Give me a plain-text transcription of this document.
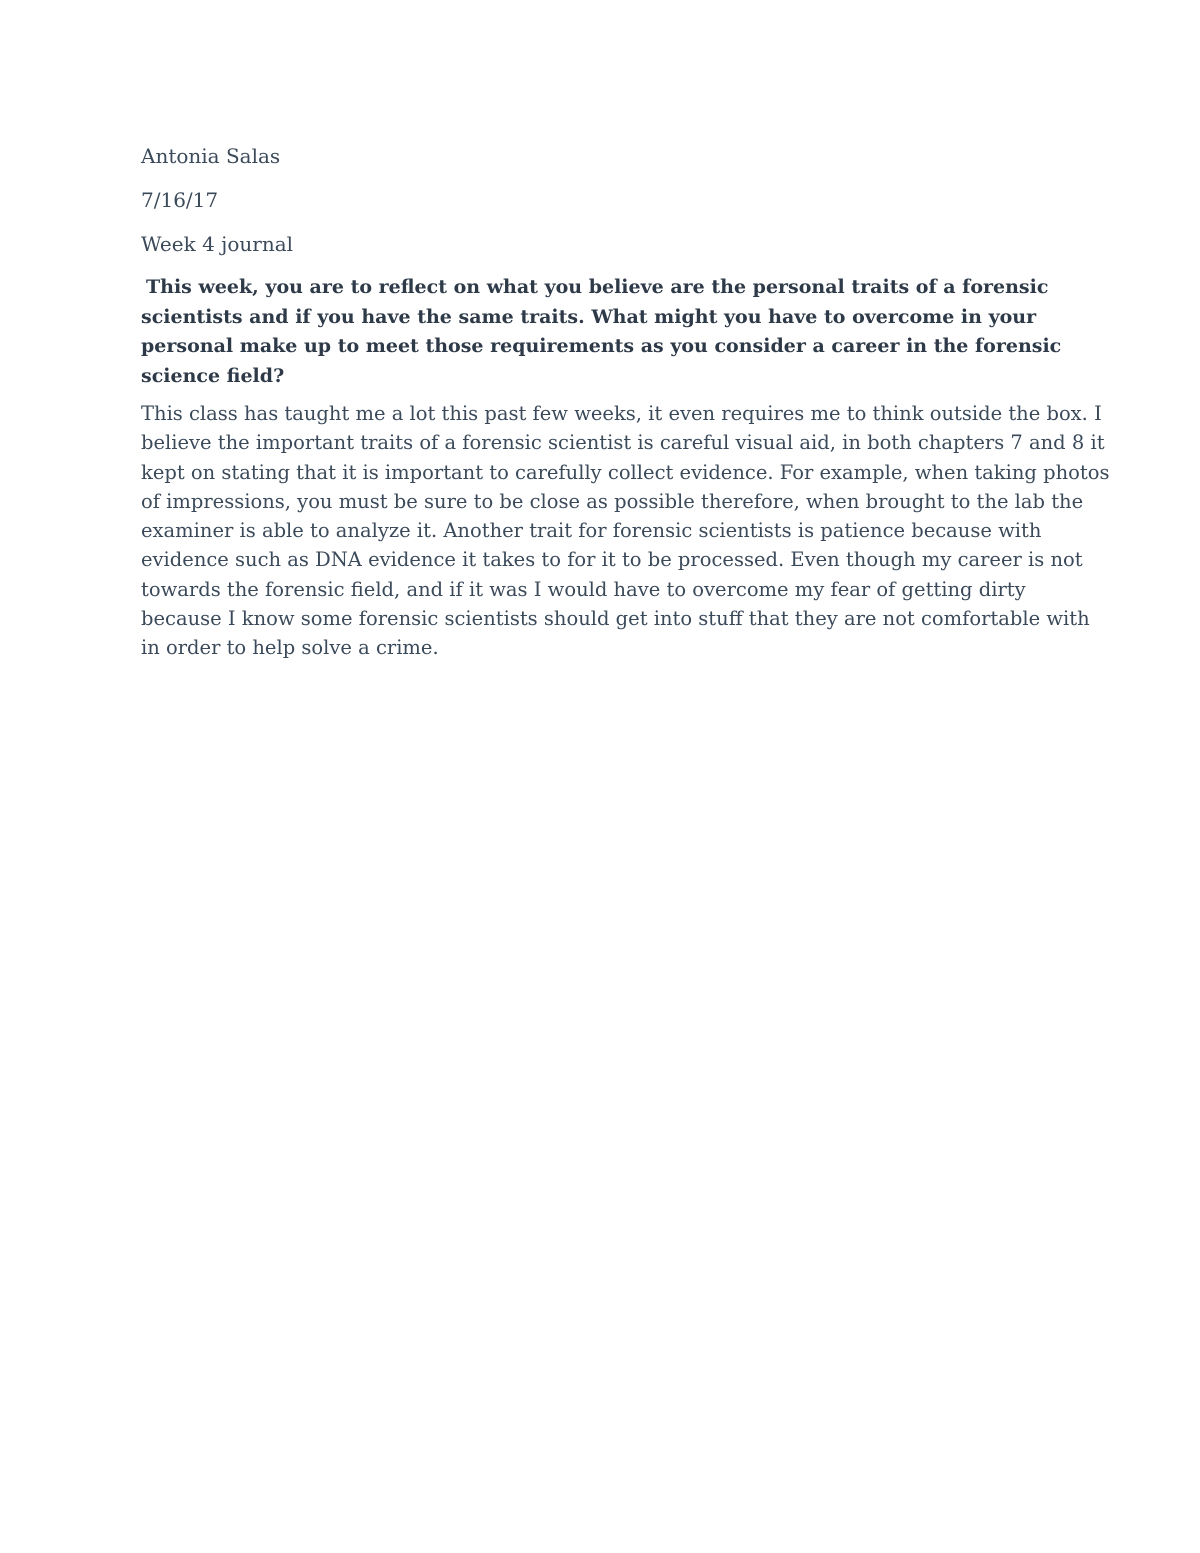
Antonia Salas

7/16/17

Week 4 journal

This week, you are to reflect on what you believe are the personal traits of a forensic
scientists and if you have the same traits. What might you have to overcome in your
personal make up to meet those requirements as you consider a career in the forensic
science field?
This class has taught me a lot this past few weeks, it even requires me to think outside the box. I
believe the important traits of a forensic scientist is careful visual aid, in both chapters 7 and 8 it
kept on stating that it is important to carefully collect evidence. For example, when taking photos
of impressions, you must be sure to be close as possible therefore, when brought to the lab the
examiner is able to analyze it. Another trait for forensic scientists is patience because with
evidence such as DNA evidence it takes to for it to be processed. Even though my career is not
towards the forensic field, and if it was I would have to overcome my fear of getting dirty
because I know some forensic scientists should get into stuff that they are not comfortable with
in order to help solve a crime.
